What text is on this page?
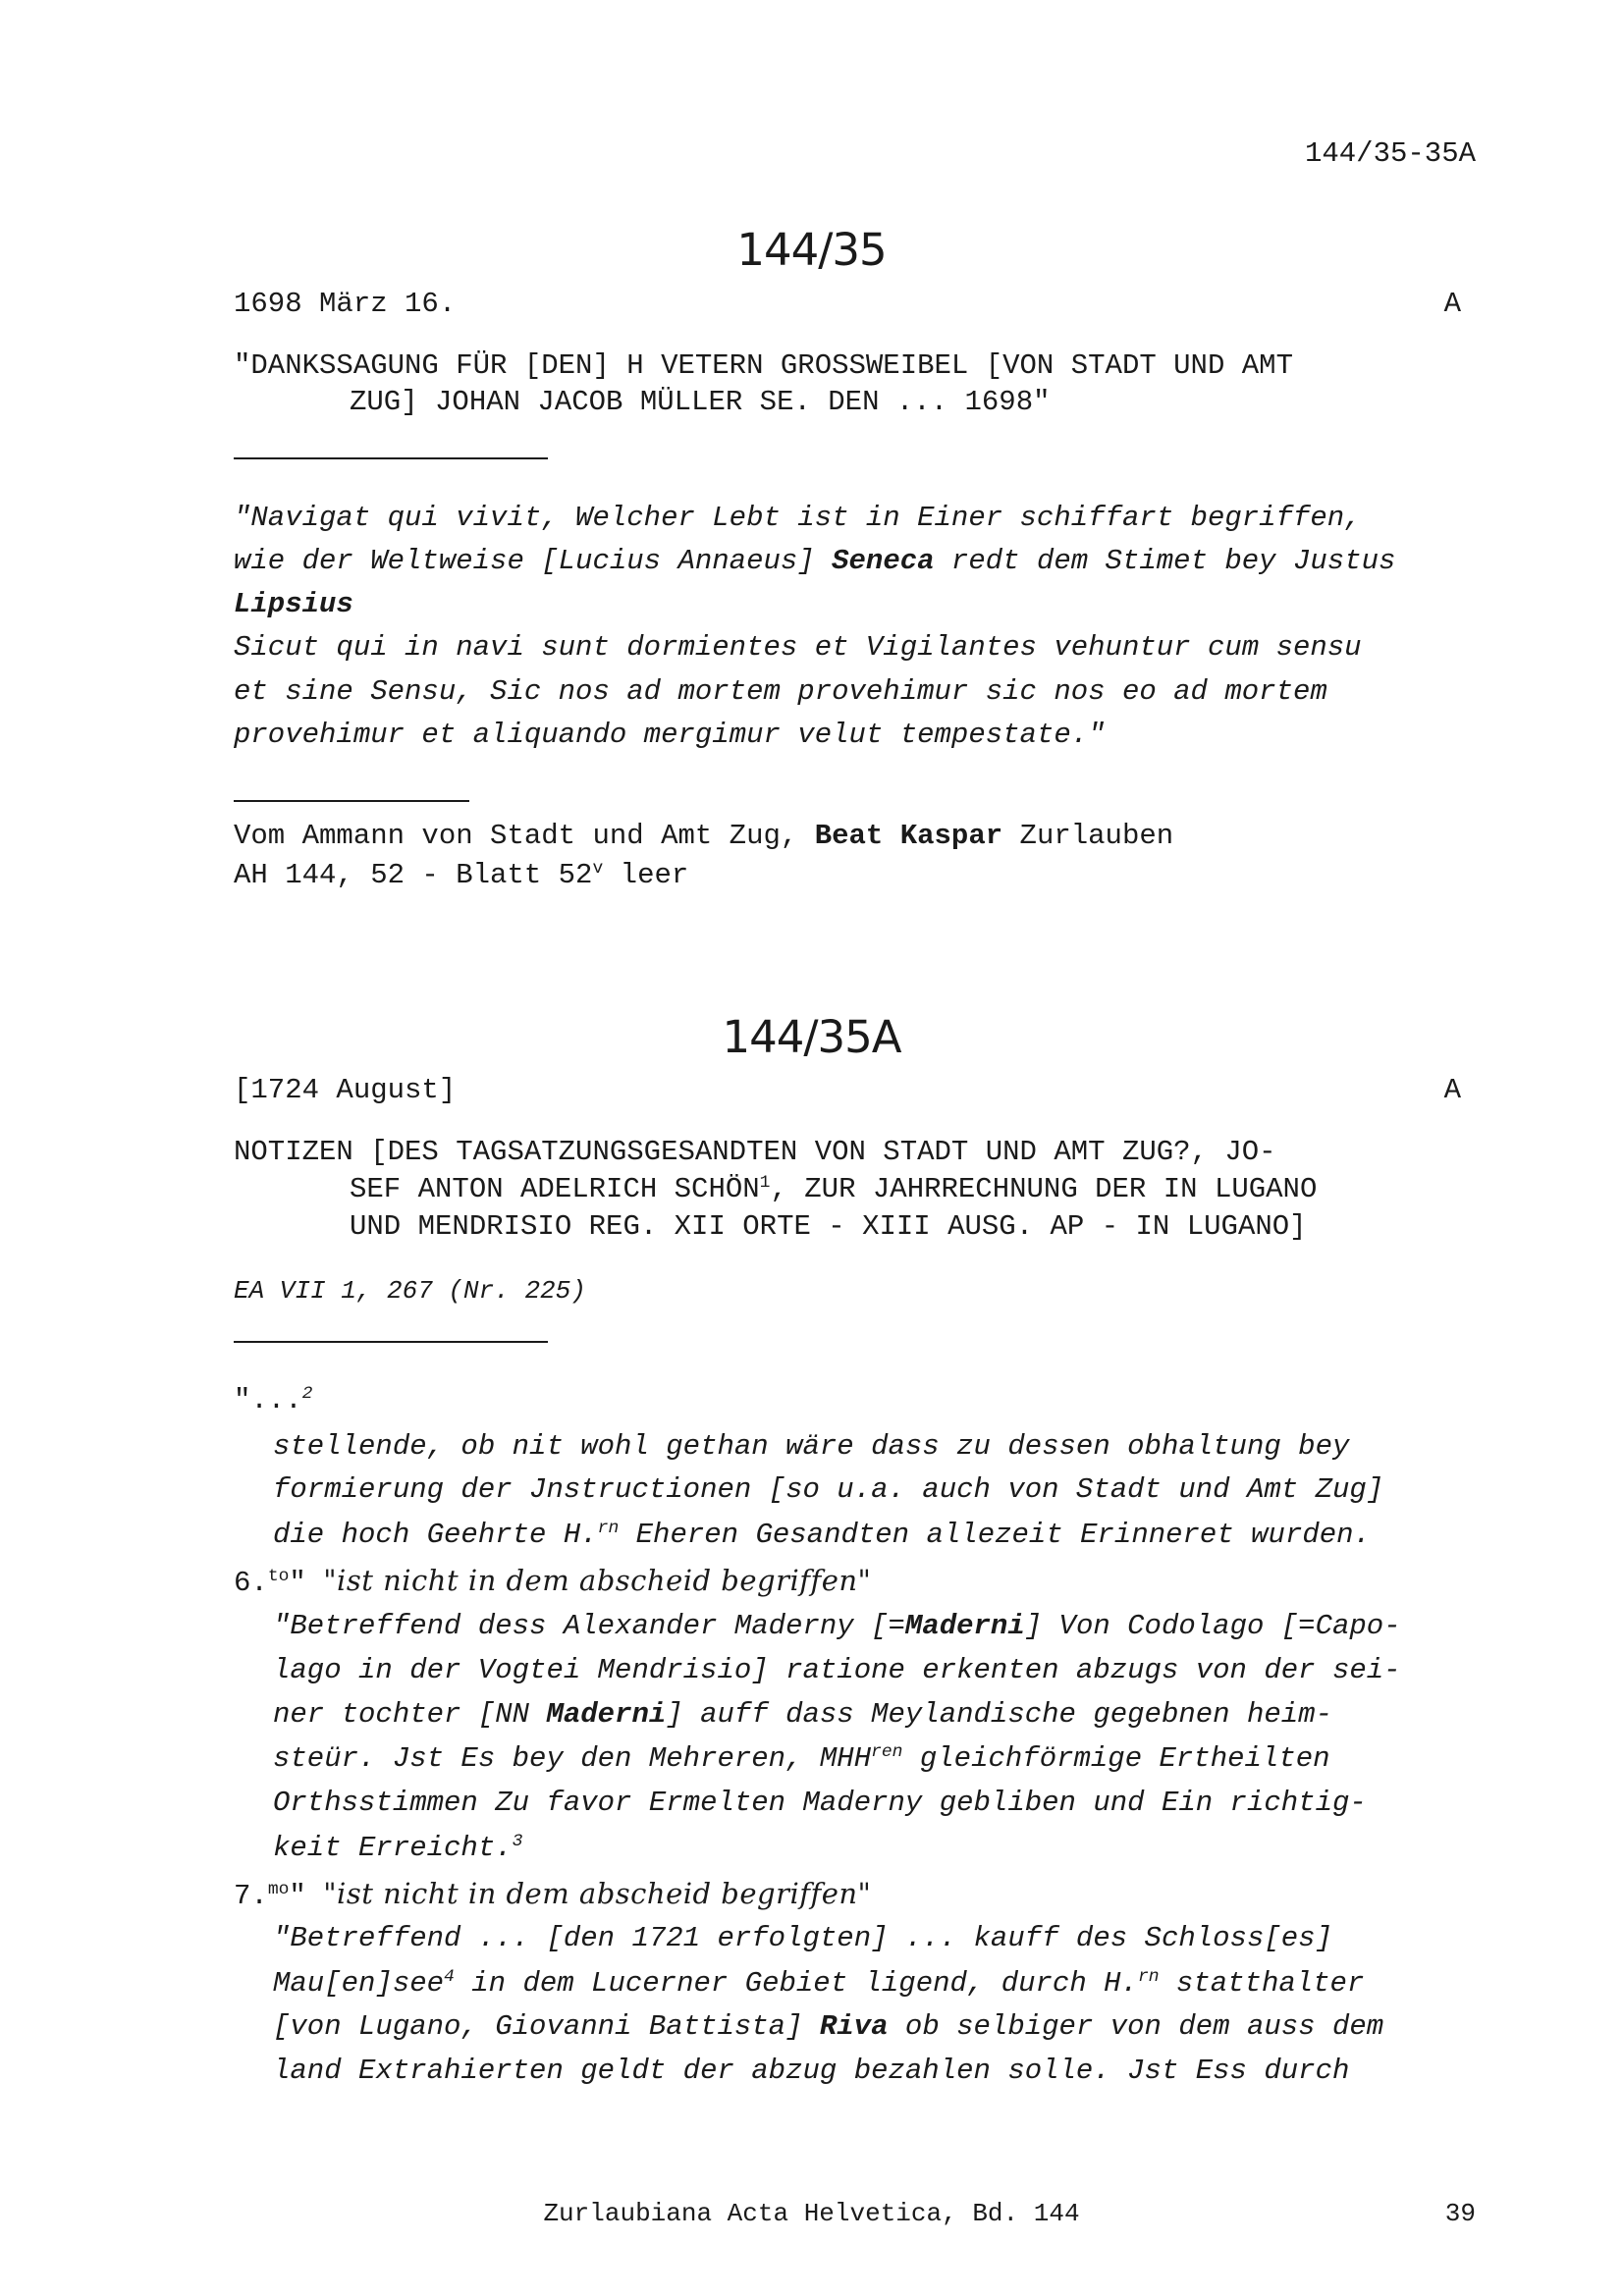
144/35-35A
144/35
1698 März 16.	A
"DANKSSAGUNG FÜR [DEN] H VETERN GROSSWEIBEL [VON STADT UND AMT
ZUG] JOHAN JACOB MÜLLER SE. DEN ... 1698"
"Navigat qui vivit, Welcher Lebt ist in Einer schiffart begriffen,
wie der Weltweise [Lucius Annaeus] Seneca redt dem Stimet bey Justus
Lipsius
Sicut qui in navi sunt dormientes et Vigilantes vehuntur cum sensu
et sine Sensu, Sic nos ad mortem provehimur sic nos eo ad mortem
provehimur et aliquando mergimur velut tempestate."
Vom Ammann von Stadt und Amt Zug, Beat Kaspar Zurlauben
AH 144, 52 - Blatt 52$^v$ leer
144/35A
[1724 August]	A
NOTIZEN [DES TAGSATZUNGSGESANDTEN VON STADT UND AMT ZUG?, JO-
SEF ANTON ADELRICH SCHÖN$^1$, ZUR JAHRRECHNUNG DER IN LUGANO
UND MENDRISIO REG. XII ORTE - XIII AUSG. AP - IN LUGANO]
EA VII 1, 267 (Nr. 225)
"...$^2$
stellende, ob nit wohl gethan wäre dass zu dessen obhaltung bey
formierung der Jnstructionen [so u.a. auch von Stadt und Amt Zug]
die hoch Geehrte H.$^{rn}$ Eheren Gesandten allezeit Erinneret wurden.
6.$^{to}$" "ist nicht in dem abscheid begriffen"
"Betreffend dess Alexander Maderny [=Maderni] Von Codolago [=Capo-
lago in der Vogtei Mendrisio] ratione erkenten abzugs von der sei-
ner tochter [NN Maderni] auff dass Meylandische gegebnen heim-
steür. Jst Es bey den Mehreren, $MHH^{ren}$ gleichförmige Ertheilten
Orthsstimmen Zu favor Ermelten Maderny gebliben und Ein richtig-
keit Erreicht.$^3$
7.$^{mo}$" "ist nicht in dem abscheid begriffen"
"Betreffend ... [den 1721 erfolgten] ... kauff des Schloss[es]
Mau[en]see$^4$ in dem Lucerner Gebiet ligend, durch H.$^{rn}$ statthalter
[von Lugano, Giovanni Battista] Riva ob selbiger von dem auss dem
land Extrahierten geldt der abzug bezahlen solle. Jst Ess durch
Zurlaubiana Acta Helvetica, Bd. 144	39
